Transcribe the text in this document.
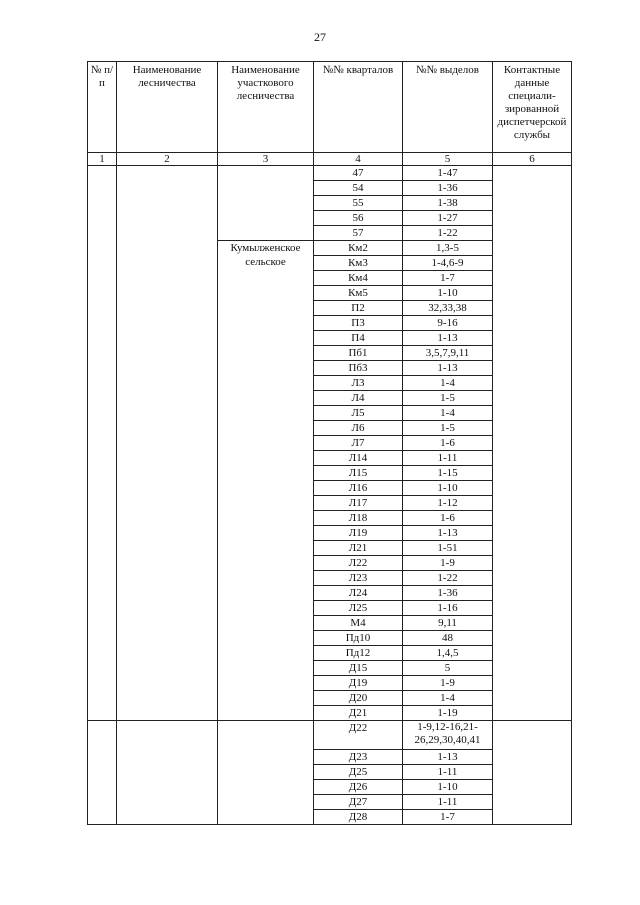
27
№ п/п	Наименование лесничества	Наименование участкового лесничества	№№ кварталов	№№ выделов	Контактные данные специали-зированной диспетчерской службы
1	2	3	4	5	6
			47	1-47	
			54	1-36	
			55	1-38	
			56	1-27	
			57	1-22	
		Кумылженское сельское	Км2	1,3-5	
			Км3	1-4,6-9	
			Км4	1-7	
			Км5	1-10	
			П2	32,33,38	
			П3	9-16	
			П4	1-13	
			Пб1	3,5,7,9,11	
			Пб3	1-13	
			Л3	1-4	
			Л4	1-5	
			Л5	1-4	
			Л6	1-5	
			Л7	1-6	
			Л14	1-11	
			Л15	1-15	
			Л16	1-10	
			Л17	1-12	
			Л18	1-6	
			Л19	1-13	
			Л21	1-51	
			Л22	1-9	
			Л23	1-22	
			Л24	1-36	
			Л25	1-16	
			М4	9,11	
			Пд10	48	
			Пд12	1,4,5	
			Д15	5	
			Д19	1-9	
			Д20	1-4	
			Д21	1-19	
			Д22	1-9,12-16,21-26,29,30,40,41	
			Д23	1-13	
			Д25	1-11	
			Д26	1-10	
			Д27	1-11	
			Д28	1-7	
